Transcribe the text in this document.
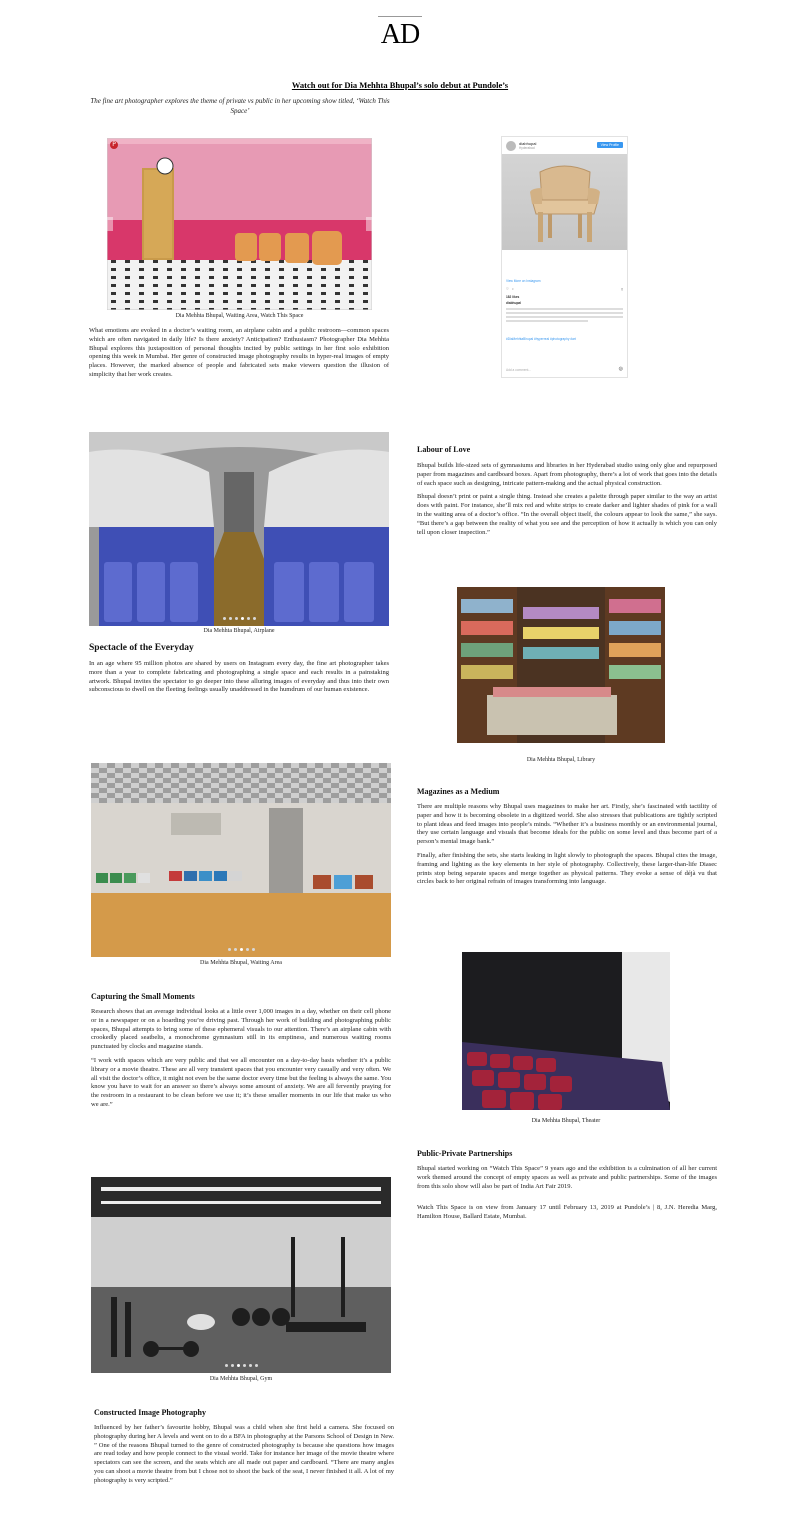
AD
Watch out for Dia Mehhta Bhupal’s solo debut at Pundole’s
The fine art photographer explores the theme of private vs public in her upcoming show titled, ‘Watch This Space’
P
Dia Mehhta Bhupal, Waiting Area, Watch This Space
What emotions are evoked in a doctor’s waiting room, an airplane cabin and a public restroom—common spaces which are often navigated in daily life? Is there anxiety? Anticipation? Enthusiasm? Photographer Dia Mehhta Bhupal explores this juxtaposition of personal thoughts incited by public settings in her first solo exhibition opening this week in Mumbai. Her genre of constructed image photography results in hyper-real images of empty places. However, the marked absence of people and fabricated sets make viewers question the illusion of simplicity that her work creates.
diabhupal
Hyderabad
View Profile
View More on Instagram
♡ ○	▯
182 likes
diabhupal
#DiaMehhtaBhupal #hyperreal #photography #art
Add a comment...	◎
Dia Mehhta Bhupal, Airplane
Spectacle of the Everyday
In an age where 95 million photos are shared by users on Instagram every day, the fine art photographer takes more than a year to complete fabricating and photographing a single space and each results in a painstaking artwork. Bhupal invites the spectator to go deeper into these alluring images of everyday and thus into their own subconscious to dwell on the fleeting feelings usually unaddressed in the humdrum of our human existence.
Labour of Love

Bhupal builds life-sized sets of gymnasiums and libraries in her Hyderabad studio using only glue and repurposed paper from magazines and cardboard boxes. Apart from photography, there’s a lot of work that goes into the details of each space such as designing, intricate pattern-making and the actual physical construction.

Bhupal doesn’t print or paint a single thing. Instead she creates a palette through paper similar to the way an artist does with paint. For instance, she’ll mix red and white strips to create darker and lighter shades of pink for a wall in the waiting area of a doctor’s office. “In the overall object itself, the colours appear to look the same,” she says. “But there’s a gap between the reality of what you see and the perception of how it actually is which you can only tell upon closer inspection.”

Dia Mehhta Bhupal, Library
Dia Mehhta Bhupal, Waiting Area
Magazines as a Medium

There are multiple reasons why Bhupal uses magazines to make her art. Firstly, she’s fascinated with tactility of paper and how it is becoming obsolete in a digitized world. She also stresses that publications are tightly scripted to plant ideas and feed images into people’s minds. “Whether it’s a business monthly or an environmental journal, they use certain language and visuals that become ideals for the public on some level and thus become part of a person’s mental image bank.”

Finally, after finishing the sets, she starts leaking in light slowly to photograph the spaces. Bhupal cites the image, framing and lighting as the key elements in her style of photography. Collectively, these larger-than-life Diasec prints stop being separate spaces and merge together as physical patterns. They evoke a sense of déjà vu that circles back to her original refrain of images transforming into language.

Capturing the Small Moments

Research shows that an average individual looks at a little over 1,000 images in a day, whether on their cell phone or in a newspaper or on a hoarding you’re driving past. Through her work of building and photographing public spaces, Bhupal attempts to bring some of these ephemeral visuals to our attention. There’s an airplane cabin with crookedly placed seatbelts, a monochrome gymnasium still in its emptiness, and numerous waiting rooms punctuated by clocks and magazine stands.

“I work with spaces which are very public and that we all encounter on a day-to-day basis whether it’s a public library or a movie theatre. These are all very transient spaces that you encounter very casually and very often. We all visit the doctor’s office, it might not even be the same doctor every time but the feeling is always the same. You know you have to wait for an answer so there’s always some amount of anxiety. We are all fervently praying for the restroom in a restaurant to be clean before we use it; it’s these smaller moments in our life that make us who we are.”

Dia Mehhta Bhupal, Theater
Public-Private Partnerships

Bhupal started working on “Watch This Space” 9 years ago and the exhibition is a culmination of all her current work themed around the concept of empty spaces as well as private and public partnerships. Some of the images from this solo show will also be part of India Art Fair 2019.

Watch This Space is on view from January 17 until February 13, 2019 at Pundole’s | 8, J.N. Heredia Marg, Hamilton House, Ballard Estate, Mumbai.

Dia Mehhta Bhupal, Gym
Constructed Image Photography
Influenced by her father’s favourite hobby, Bhupal was a child when she first held a camera. She focused on photography during her A levels and went on to do a BFA in photography at the Parsons School of Design in New. ” One of the reasons Bhupal turned to the genre of constructed photography is because she questions how images are read today and how people connect to the visual world. Take for instance her image of the movie theatre where spectators can see the screen, and the seats which are all made out paper and cardboard. “There are many angles you can shoot a movie theatre from but I chose not to shoot the back of the seat, I never finished it all. A lot of my photography is very scripted.”
